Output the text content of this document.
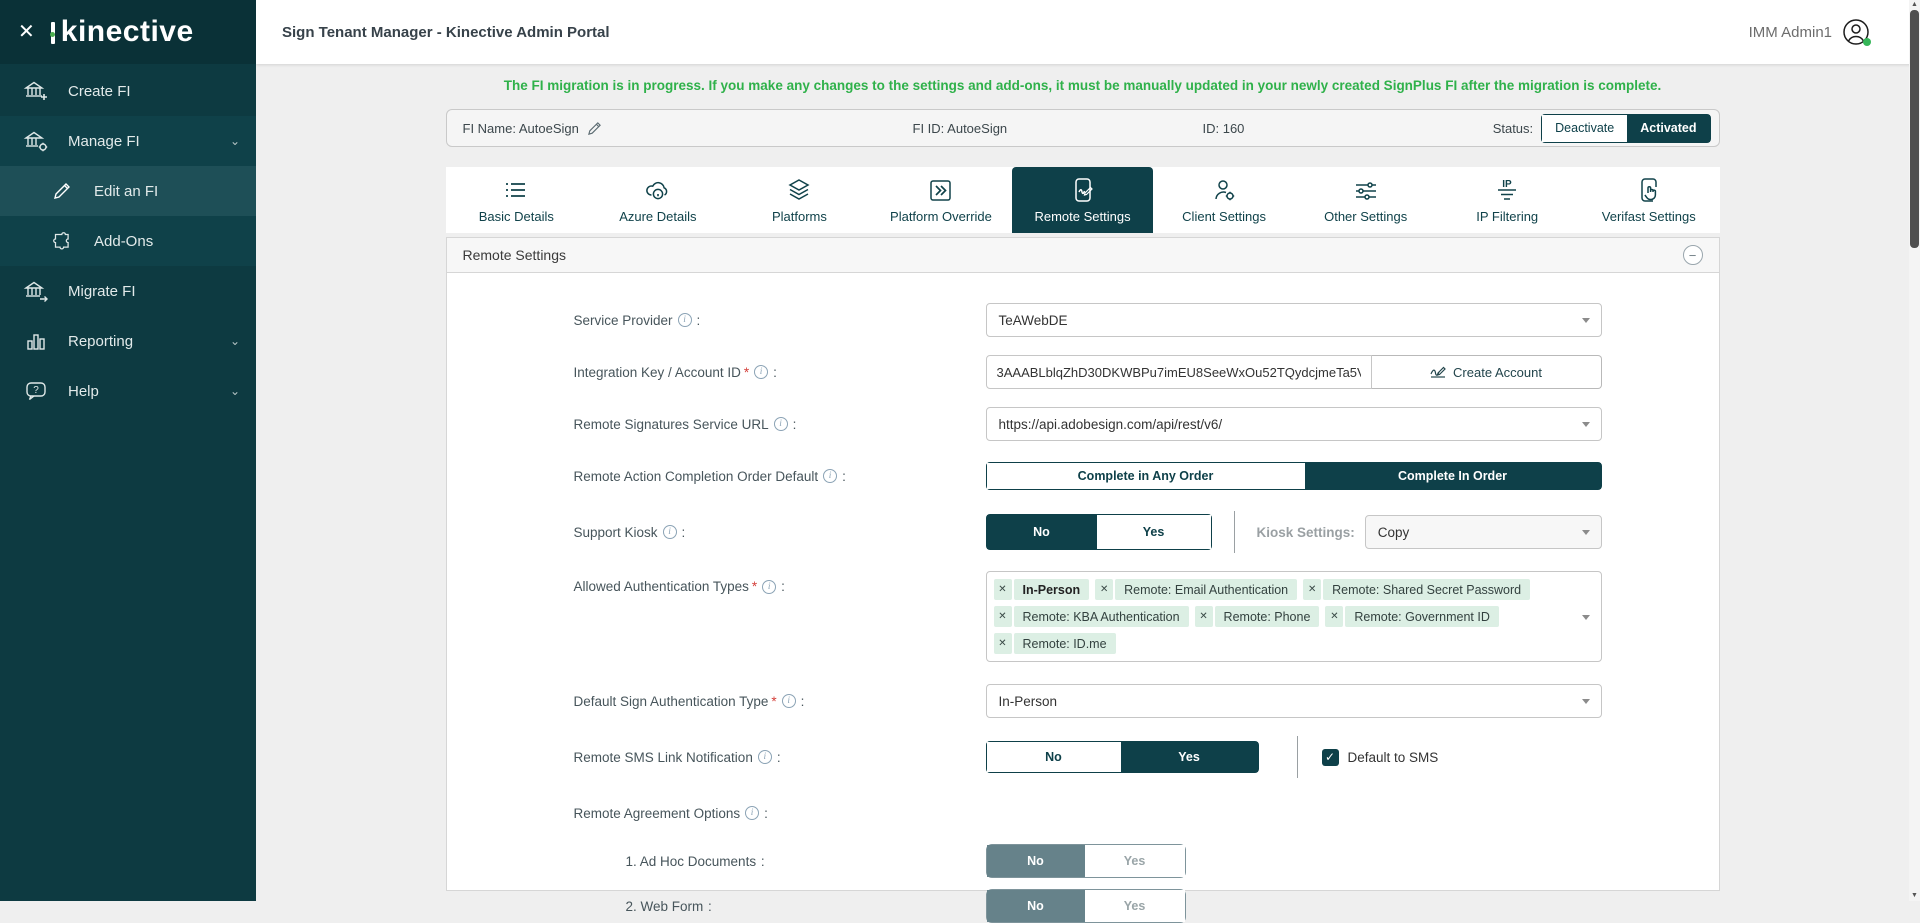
✕ kinective
Create FI
Manage FI	⌄
Edit an FI
Add-Ons
Migrate FI
Reporting	⌄
? Help	⌄
Sign Tenant Manager - Kinective Admin Portal	IMM Admin1
The FI migration is in progress. If you make any changes to the settings and add-ons, it must be manually updated in your newly created SignPlus FI after the migration is complete.
FI Name: AutoeSign	FI ID: AutoeSign	ID: 160	Status:	Deactivate	Activated
Basic Details	Azure Details	Platforms	Platform Override	Remote Settings	Client Settings	Other Settings
IP
IP Filtering	Verifast Settings
Remote Settings	−
Service Provider	i :	TeAWebDE
Integration Key / Account ID *	i :
3AAABLblqZhD30DKWBPu7imEU8SeeWxOu52TQydcjmeTa5VeOcDVkw	Create Account
Remote Signatures Service URL	i :	https://api.adobesign.com/api/rest/v6/
Remote Action Completion Order Default	i :	Complete in Any Order	Complete In Order
Support Kiosk	i :	No	Yes	Kiosk Settings: Copy
Allowed Authentication Types *	i :	✕	In-Person	✕	Remote: Email Authentication	✕	Remote: Shared Secret Password
✕	Remote: KBA Authentication	✕	Remote: Phone	✕	Remote: Government ID
✕	Remote: ID.me
Default Sign Authentication Type *	i :	In-Person
Remote SMS Link Notification	i :	No	Yes	✓ Default to SMS
Remote Agreement Options	i :
1. Ad Hoc Documents :	No	Yes
2. Web Form :	No	Yes
▲
▼
